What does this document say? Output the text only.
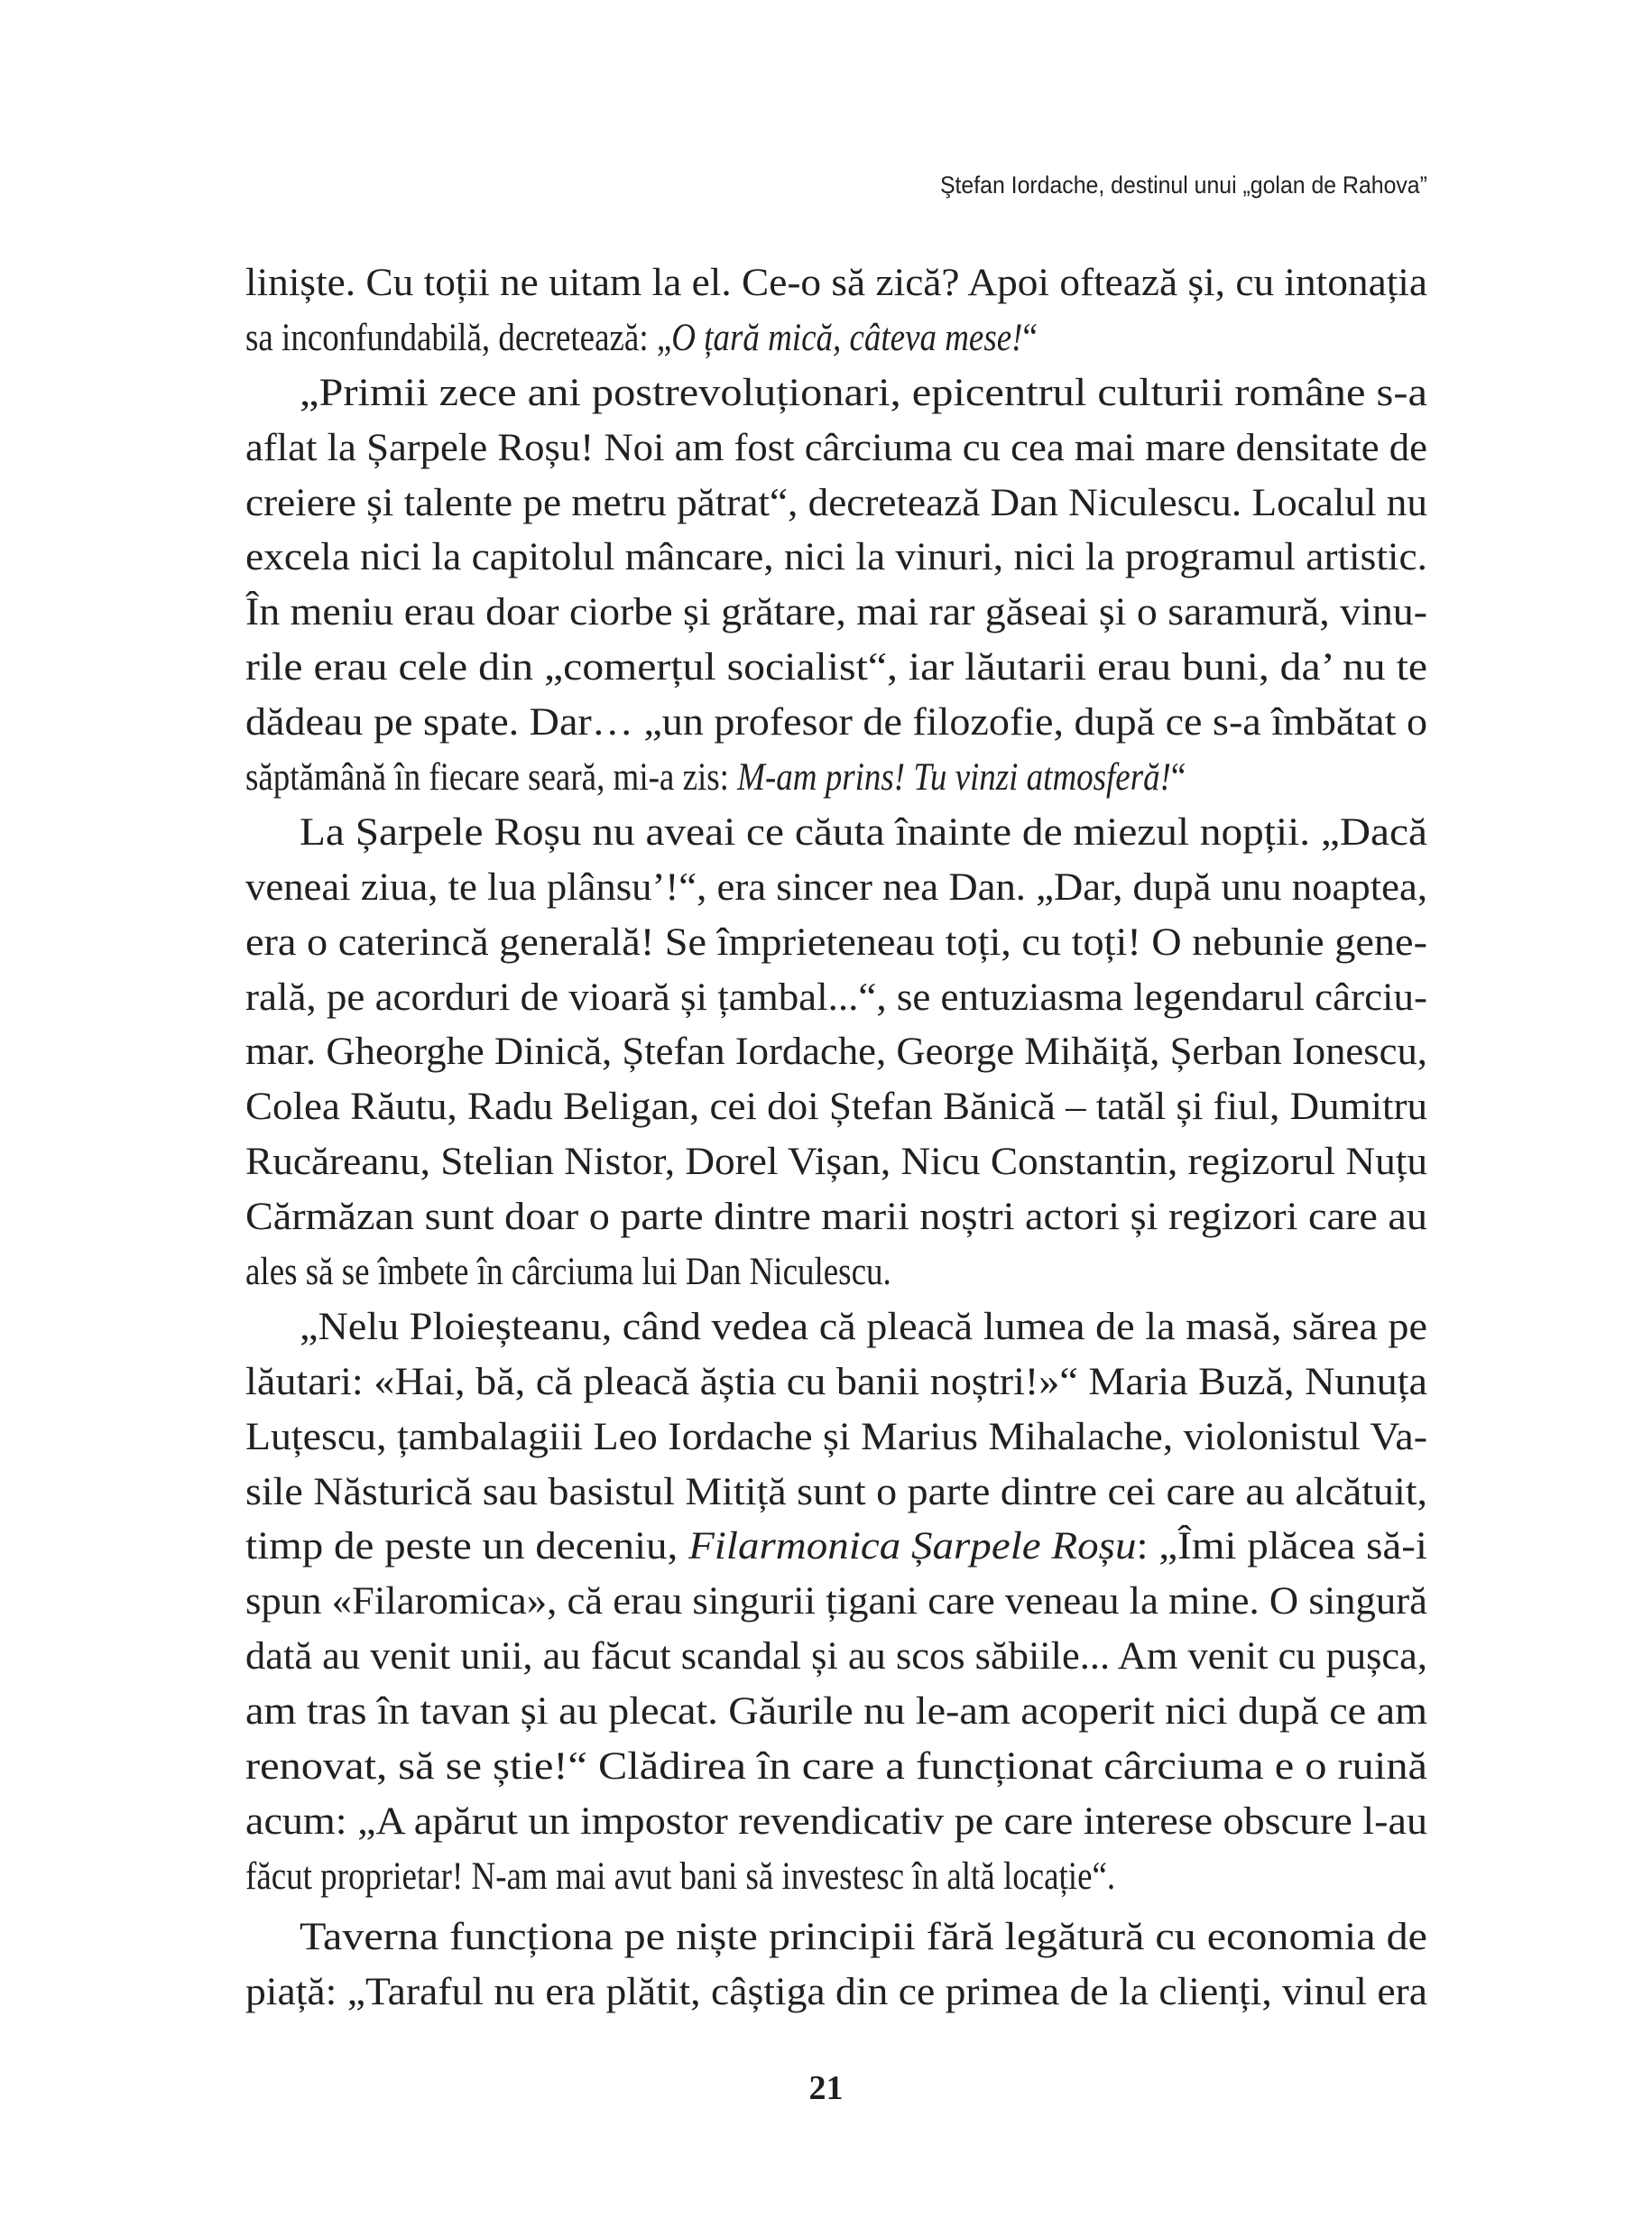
Ştefan Iordache, destinul unui „golan de Rahova”
liniște. Cu toții ne uitam la el. Ce-o să zică? Apoi oftează și, cu intonația
sa inconfundabilă, decretează: „O țară mică, câteva mese!“
„Primii zece ani postrevoluționari, epicentrul culturii române s-a
aflat la Șarpele Roșu! Noi am fost cârciuma cu cea mai mare densitate de
creiere și talente pe metru pătrat“, decretează Dan Niculescu. Localul nu
excela nici la capitolul mâncare, nici la vinuri, nici la programul artistic.
În meniu erau doar ciorbe și grătare, mai rar găseai și o saramură, vinu-
rile erau cele din „comerțul socialist“, iar lăutarii erau buni, da’ nu te
dădeau pe spate. Dar… „un profesor de filozofie, după ce s-a îmbătat o
săptămână în fiecare seară, mi-a zis: M-am prins! Tu vinzi atmosferă!“
La Șarpele Roșu nu aveai ce căuta înainte de miezul nopții. „Dacă
veneai ziua, te lua plânsu’!“, era sincer nea Dan. „Dar, după unu noaptea,
era o caterincă generală! Se împrieteneau toți, cu toți! O nebunie gene-
rală, pe acorduri de vioară și țambal...“, se entuziasma legendarul cârciu-
mar. Gheorghe Dinică, Ștefan Iordache, George Mihăiță, Șerban Ionescu,
Colea Răutu, Radu Beligan, cei doi Ștefan Bănică – tatăl și fiul, Dumitru
Rucăreanu, Stelian Nistor, Dorel Vișan, Nicu Constantin, regizorul Nuțu
Cărmăzan sunt doar o parte dintre marii noștri actori și regizori care au
ales să se îmbete în cârciuma lui Dan Niculescu.
„Nelu Ploieșteanu, când vedea că pleacă lumea de la masă, sărea pe
lăutari: «Hai, bă, că pleacă ăștia cu banii noștri!»“ Maria Buză, Nunuța
Luțescu, țambalagiii Leo Iordache și Marius Mihalache, violonistul Va-
sile Năsturică sau basistul Mitiță sunt o parte dintre cei care au alcătuit,
timp de peste un deceniu, Filarmonica Șarpele Roșu: „Îmi plăcea să-i
spun «Filaromica», că erau singurii țigani care veneau la mine. O singură
dată au venit unii, au făcut scandal și au scos săbiile... Am venit cu pușca,
am tras în tavan și au plecat. Găurile nu le-am acoperit nici după ce am
renovat, să se știe!“ Clădirea în care a funcționat cârciuma e o ruină
acum: „A apărut un impostor revendicativ pe care interese obscure l-au
făcut proprietar! N-am mai avut bani să investesc în altă locație“.
Taverna funcționa pe niște principii fără legătură cu economia de
piață: „Taraful nu era plătit, câștiga din ce primea de la clienți, vinul era
21
